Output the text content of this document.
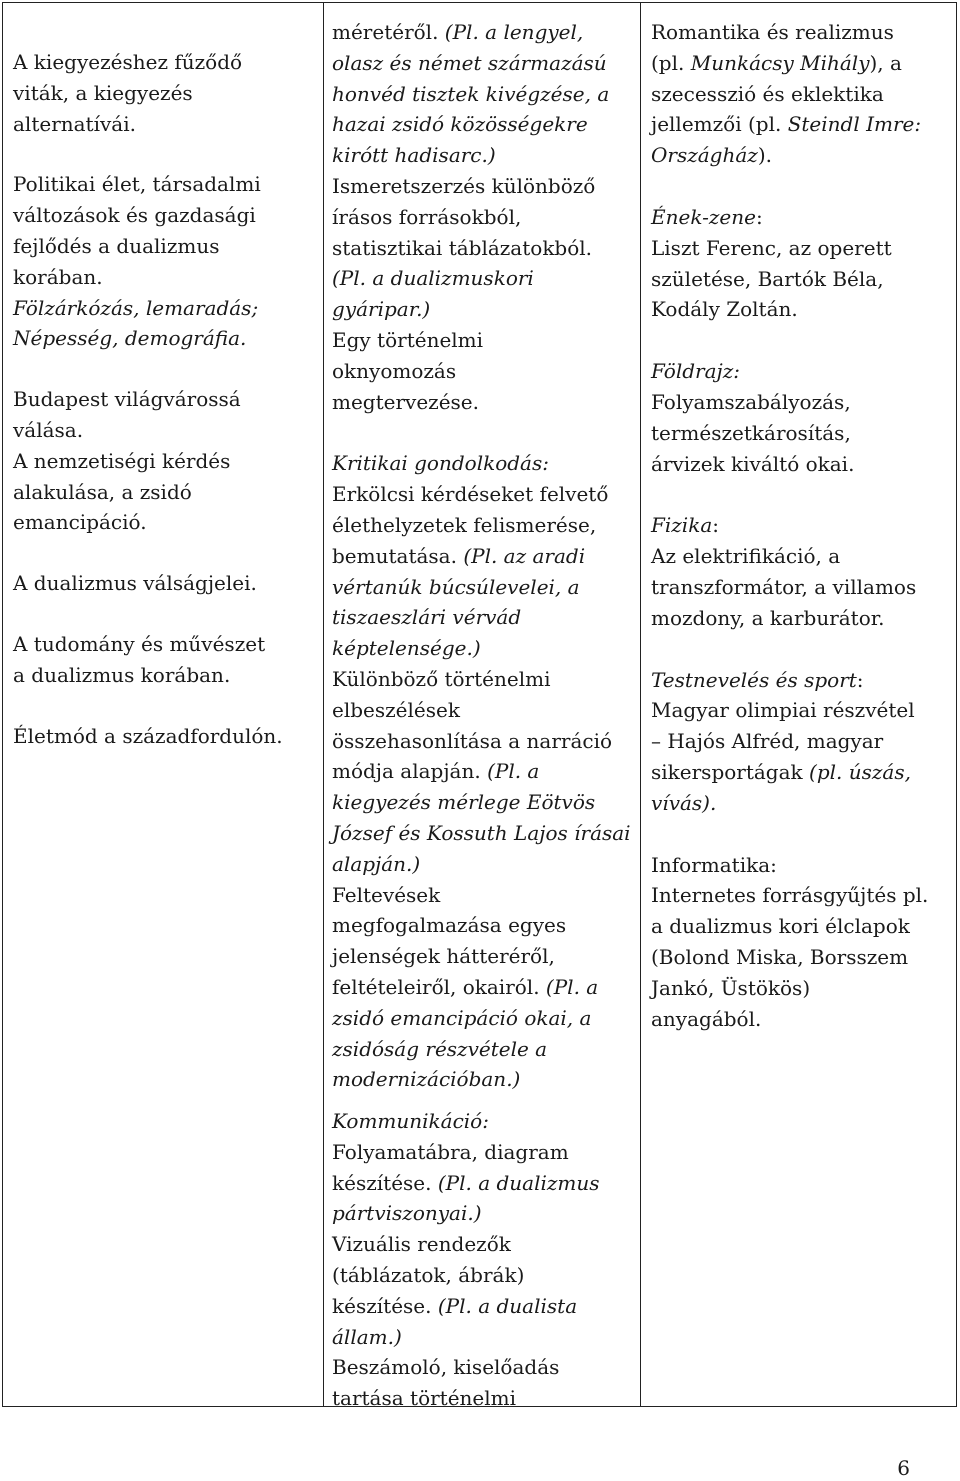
A kiegyezéshez fűződő
viták, a kiegyezés
alternatívái.

Politikai élet, társadalmi
változások és gazdasági
fejlődés a dualizmus
korában.
Fölzárkózás, lemaradás;
Népesség, demográfia.

Budapest világvárossá
válása.

A nemzetiségi kérdés
alakulása, a zsidó
emancipáció.

A dualizmus válságjelei.

A tudomány és művészet
a dualizmus korában.

Életmód a századfordulón.

méretéről. (Pl. a lengyel,
olasz és német származású
honvéd tisztek kivégzése, a
hazai zsidó közösségekre
kirótt hadisarc.)
Ismeretszerzés különböző
írásos forrásokból,
statisztikai táblázatokból.
(Pl. a dualizmuskori
gyáripar.)
Egy történelmi
oknyomozás
megtervezése.

Kritikai gondolkodás:
Erkölcsi kérdéseket felvető
élethelyzetek felismerése,
bemutatása. (Pl. az aradi
vértanúk búcsúlevelei, a
tiszaeszlári vérvád
képtelensége.)
Különböző történelmi
elbeszélések
összehasonlítása a narráció
módja alapján. (Pl. a
kiegyezés mérlege Eötvös
József és Kossuth Lajos írásai
alapján.)
Feltevések
megfogalmazása egyes
jelenségek hátteréről,
feltételeiről, okairól. (Pl. a
zsidó emancipáció okai, a
zsidóság részvétele a
modernizációban.)

Kommunikáció:
Folyamatábra, diagram
készítése. (Pl. a dualizmus
pártviszonyai.)
Vizuális rendezők
(táblázatok, ábrák)
készítése. (Pl. a dualista
állam.)
Beszámoló, kiselőadás
tartása történelmi

Romantika és realizmus
(pl. Munkácsy Mihály), a
szecesszió és eklektika
jellemzői (pl. Steindl Imre:
Országház).

Ének-zene:
Liszt Ferenc, az operett
születése, Bartók Béla,
Kodály Zoltán.

Földrajz:
Folyamszabályozás,
természetkárosítás,
árvizek kiváltó okai.

Fizika:
Az elektrifikáció, a
transzformátor, a villamos
mozdony, a karburátor.

Testnevelés és sport:
Magyar olimpiai részvétel
– Hajós Alfréd, magyar
sikersportágak (pl. úszás,
vívás).

Informatika:
Internetes forrásgyűjtés pl.
a dualizmus kori élclapok
(Bolond Miska, Borsszem
Jankó, Üstökös)
anyagából.

6
